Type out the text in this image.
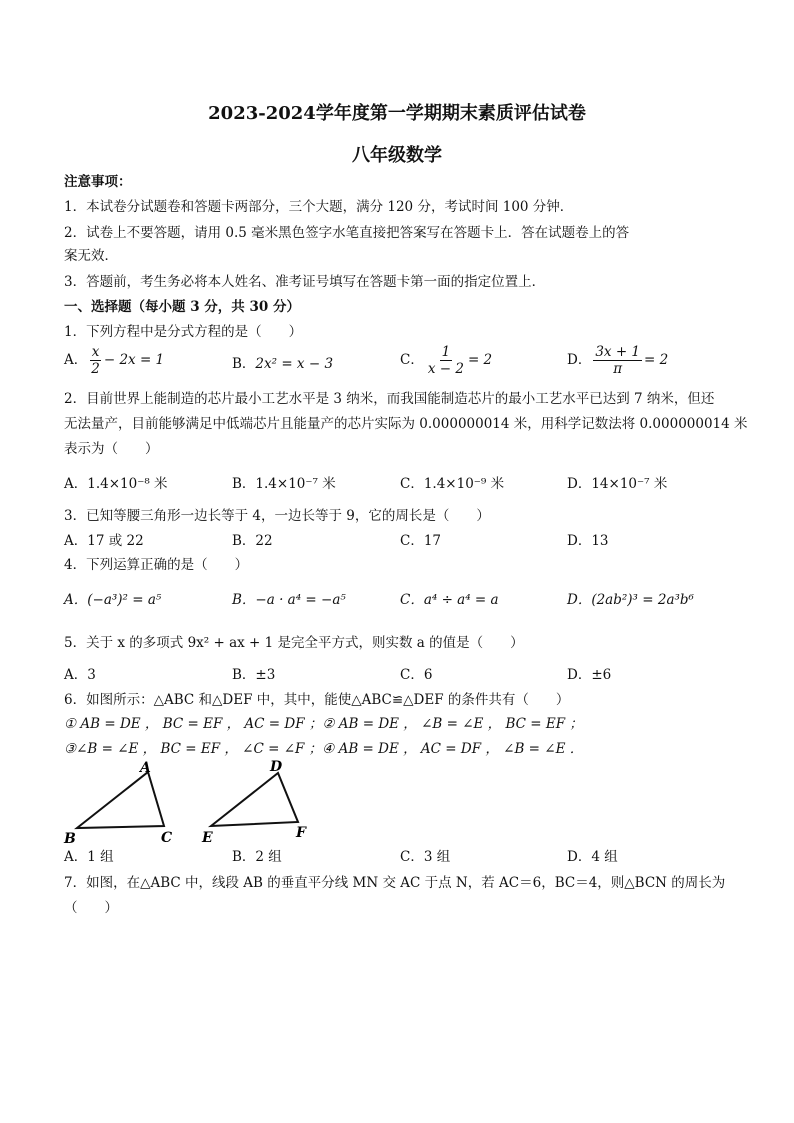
2023-2024学年度第一学期期末素质评估试卷
八年级数学
注意事项：
1．本试卷分试题卷和答题卡两部分，三个大题，满分 120 分，考试时间 100 分钟．
2．试卷上不要答题，请用 0.5 毫米黑色签字水笔直接把答案写在答题卡上．答在试题卷上的答
案无效．
3．答题前，考生务必将本人姓名、准考证号填写在答题卡第一面的指定位置上．
一、选择题（每小题 3 分，共 30 分）
1．下列方程中是分式方程的是（　　）
A． $\frac{x}{2} - 2x = 1$	B．2x² = x − 3	C． $\frac{1}{x - 2} = 2$	D． $\frac{3x + 1}{\pi} = 2$
2．目前世界上能制造的芯片最小工艺水平是 3 纳米，而我国能制造芯片的最小工艺水平已达到 7 纳米，但还
无法量产，目前能够满足中低端芯片且能量产的芯片实际为 0.000000014 米，用科学记数法将 0.000000014 米
表示为（　　）
A．1.4×10⁻⁸ 米	B．1.4×10⁻⁷ 米	C．1.4×10⁻⁹ 米	D．14×10⁻⁷ 米
3．已知等腰三角形一边长等于 4，一边长等于 9，它的周长是（　　）
A．17 或 22	B．22	C．17	D．13
4．下列运算正确的是（　　）
A．(−a³)² = a⁵	B．−a · a⁴ = −a⁵	C．a⁴ ÷ a⁴ = a	D．(2ab²)³ = 2a³b⁶
5．关于 x 的多项式 9x² + ax + 1 是完全平方式，则实数 a 的值是（　　）
A．3	B．±3	C．6	D．±6
6．如图所示：△ABC 和△DEF 中，其中，能使△ABC≌△DEF 的条件共有（　　）
① AB = DE ， BC = EF ， AC = DF ；② AB = DE ， ∠B = ∠E ， BC = EF ；
③∠B = ∠E ， BC = EF ， ∠C = ∠F ；④ AB = DE ， AC = DF ， ∠B = ∠E ．
A
B	C
D
E	F
A．1 组	B．2 组	C．3 组	D．4 组
7．如图，在△ABC 中，线段 AB 的垂直平分线 MN 交 AC 于点 N，若 AC＝6，BC＝4，则△BCN 的周长为
（　　）
